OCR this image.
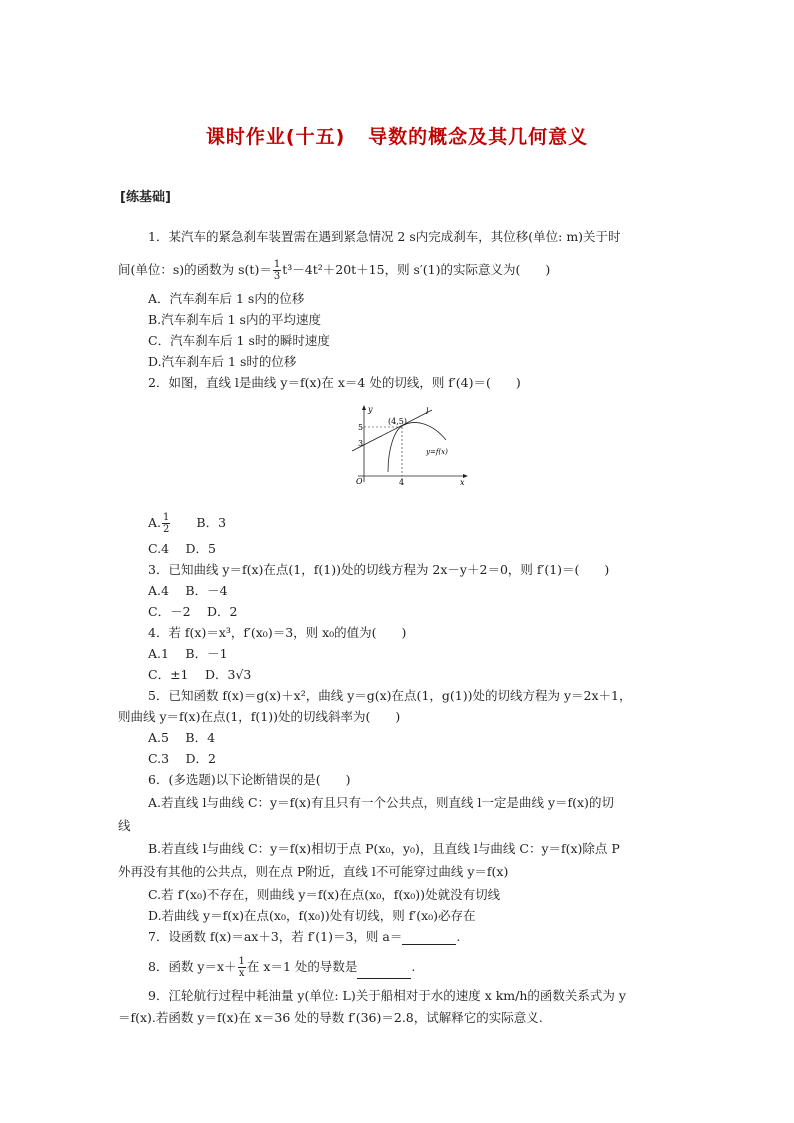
课时作业(十五)   导数的概念及其几何意义
[练基础]
1．某汽车的紧急刹车装置需在遇到紧急情况 2 s内完成刹车，其位移(单位: m)关于时
间(单位：s)的函数为 $s(t)= \frac{1}{3} t^3-4t^2+20t+15$，则 s′(1)的实际意义为(　　)
A．汽车刹车后 1 s内的位移
B.汽车刹车后 1 s内的平均速度
C．汽车刹车后 1 s时的瞬时速度
D.汽车刹车后 1 s时的位移
2．如图，直线 l是曲线 y＝f(x)在 x＝4 处的切线，则 f′(4)＝(　　)
y
x
O	4
5
3
(4,5)
l
y=f(x)
A. $\frac{1}{2}$
　　 B．3
C.4　 D．5
3．已知曲线 y＝f(x)在点(1，f(1))处的切线方程为 2x－y＋2＝0，则 f′(1)＝(　　)
A.4　 B．－4
C．－2　 D．2
4．若 f(x)＝x³，f′(x₀)＝3，则 x₀的值为(　　)
A.1　 B．－1
C．±1　 D．3√3
5．已知函数 f(x)＝g(x)＋x²，曲线 y＝g(x)在点(1，g(1))处的切线方程为 y＝2x＋1，
则曲线 y＝f(x)在点(1，f(1))处的切线斜率为(　　)
A.5　 B．4
C.3　 D．2
6．(多选题)以下论断错误的是(　　)
A.若直线 l与曲线 C：y＝f(x)有且只有一个公共点，则直线 l一定是曲线 y＝f(x)的切
线
B.若直线 l与曲线 C：y＝f(x)相切于点 P(x₀，y₀)，且直线 l与曲线 C：y＝f(x)除点 P
外再没有其他的公共点，则在点 P附近，直线 l不可能穿过曲线 y＝f(x)
C.若 f′(x₀)不存在，则曲线 y＝f(x)在点(x₀，f(x₀))处就没有切线
D.若曲线 y＝f(x)在点(x₀，f(x₀))处有切线，则 f′(x₀)必存在
7．设函数 f(x)＝ax＋3，若 f′(1)＝3，则 a＝	.
8．函数 $y=x+ \frac{1}{x}$ 在 x＝1 处的导数是	.
9．江轮航行过程中耗油量 y(单位: L)关于船相对于水的速度 x km/h的函数关系式为 y
＝f(x).若函数 y＝f(x)在 x＝36 处的导数 f′(36)＝2.8，试解释它的实际意义.
